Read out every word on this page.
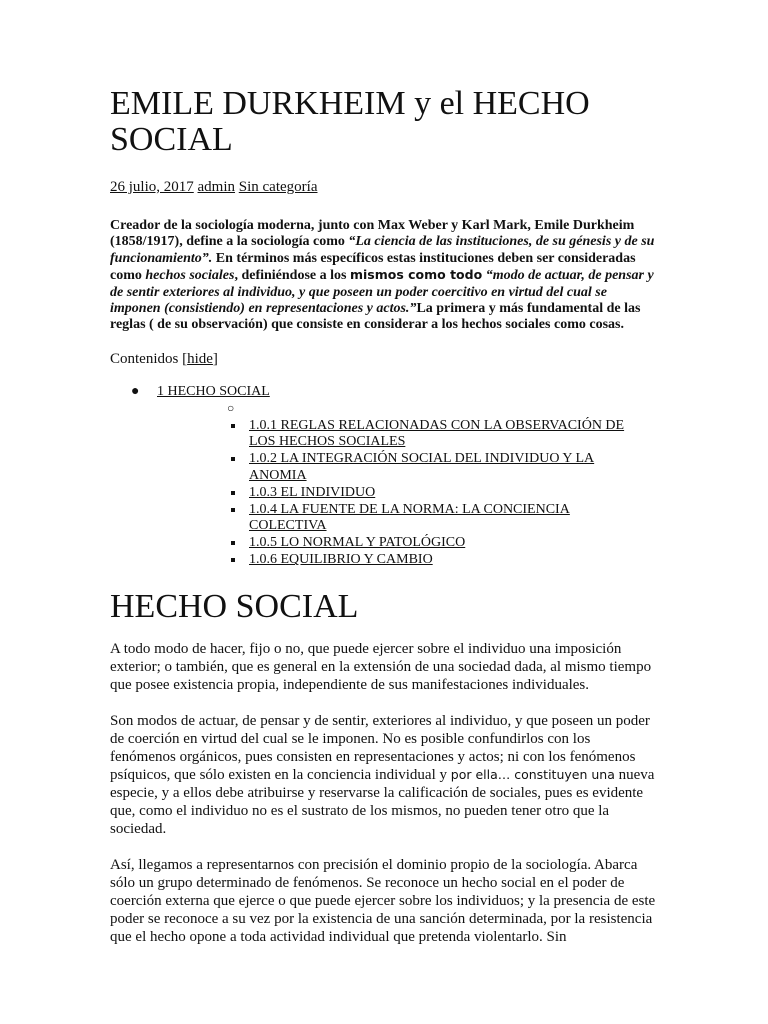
EMILE DURKHEIM y el HECHO SOCIAL
26 julio, 2017 admin Sin categoría

Creador de la sociología moderna, junto con Max Weber y Karl Mark, Emile Durkheim (1858/1917), define a la sociología como “La ciencia de las instituciones, de su génesis y de su funcionamiento”. En términos más específicos estas instituciones deben ser consideradas como hechos sociales, definiéndose a los mismos como todo “modo de actuar, de pensar y de sentir exteriores al individuo, y que poseen un poder coercitivo en virtud del cual se imponen (consistiendo) en representaciones y actos.”La primera y más fundamental de las reglas ( de su observación) que consiste en considerar a los hechos sociales como cosas.

Contenidos [hide]
● 1 HECHO SOCIAL
○
1.0.1 REGLAS RELACIONADAS CON LA OBSERVACIÓN DE LOS HECHOS SOCIALES
1.0.2 LA INTEGRACIÓN SOCIAL DEL INDIVIDUO Y LA ANOMIA
1.0.3 EL INDIVIDUO
1.0.4 LA FUENTE DE LA NORMA: LA CONCIENCIA COLECTIVA
1.0.5 LO NORMAL Y PATOLÓGICO
1.0.6 EQUILIBRIO Y CAMBIO
HECHO SOCIAL

A todo modo de hacer, fijo o no, que puede ejercer sobre el individuo una imposición exterior; o también, que es general en la extensión de una sociedad dada, al mismo tiempo que posee existencia propia, independiente de sus manifestaciones individuales.

Son modos de actuar, de pensar y de sentir, exteriores al individuo, y que poseen un poder de coerción en virtud del cual se le imponen. No es posible confundirlos con los fenómenos orgánicos, pues consisten en representaciones y actos; ni con los fenómenos psíquicos, que sólo existen en la conciencia individual y por ella… constituyen una nueva especie, y a ellos debe atribuirse y reservarse la calificación de sociales, pues es evidente que, como el individuo no es el sustrato de los mismos, no pueden tener otro que la sociedad.

Así, llegamos a representarnos con precisión el dominio propio de la sociología. Abarca sólo un grupo determinado de fenómenos. Se reconoce un hecho social en el poder de coerción externa que ejerce o que puede ejercer sobre los individuos; y la presencia de este poder se reconoce a su vez por la existencia de una sanción determinada, por la resistencia que el hecho opone a toda actividad individual que pretenda violentarlo. Sin
